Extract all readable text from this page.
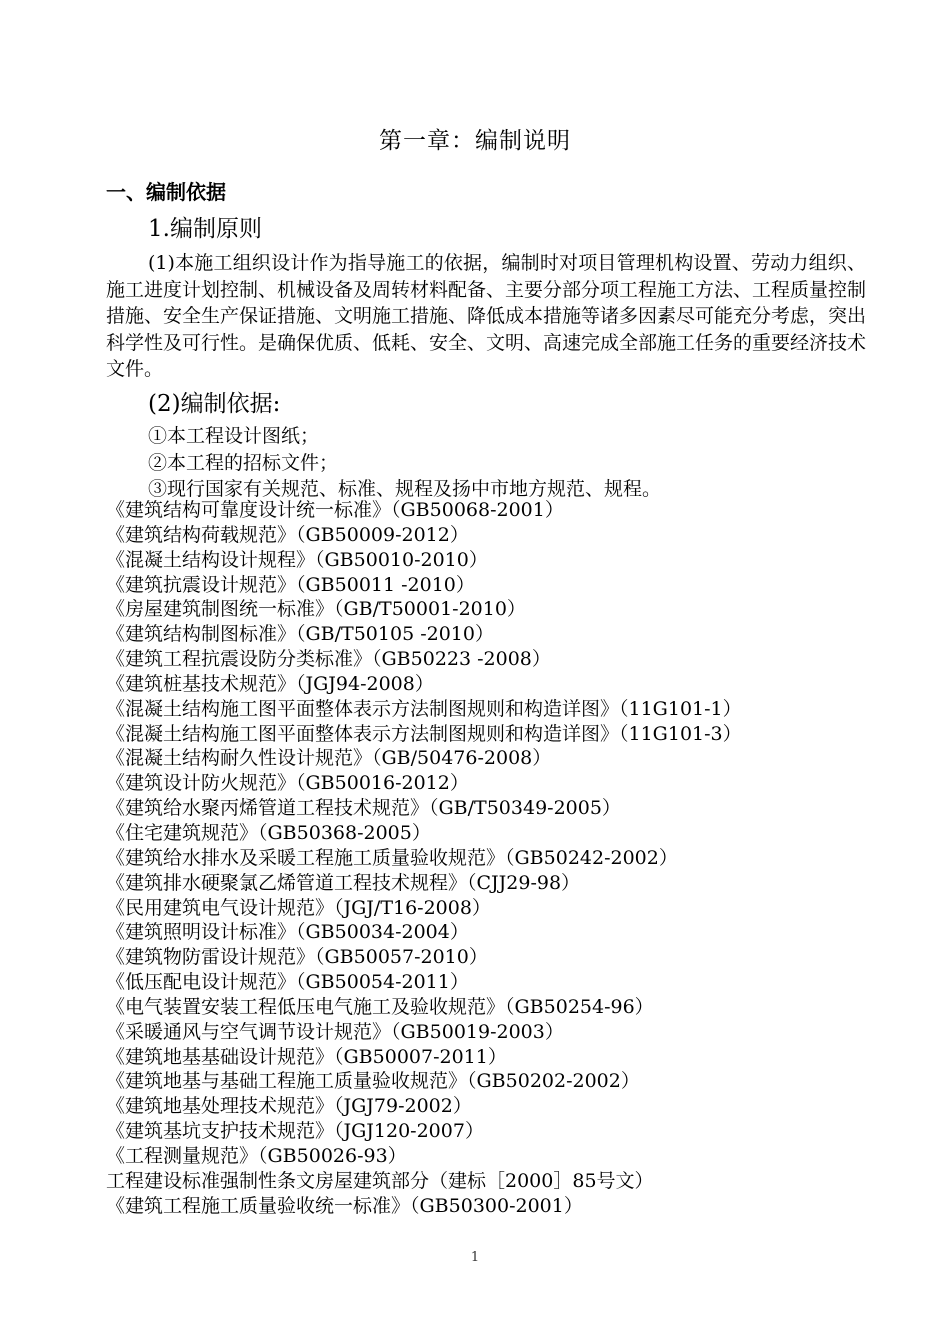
第一章：编制说明
一、编制依据
1.编制原则

(1)本施工组织设计作为指导施工的依据，编制时对项目管理机构设置、劳动力组织、施工进度计划控制、机械设备及周转材料配备、主要分部分项工程施工方法、工程质量控制措施、安全生产保证措施、文明施工措施、降低成本措施等诸多因素尽可能充分考虑，突出科学性及可行性。是确保优质、低耗、安全、文明、高速完成全部施工任务的重要经济技术文件。

(2)编制依据:
①本工程设计图纸；
②本工程的招标文件；
③现行国家有关规范、标准、规程及扬中市地方规范、规程。
《建筑结构可靠度设计统一标准》（GB50068-2001）
《建筑结构荷载规范》（GB50009-2012）
《混凝土结构设计规程》（GB50010-2010）
《建筑抗震设计规范》（GB50011 -2010）
《房屋建筑制图统一标准》（GB/T50001-2010）
《建筑结构制图标准》（GB/T50105 -2010）
《建筑工程抗震设防分类标准》（GB50223 -2008）
《建筑桩基技术规范》（JGJ94-2008）
《混凝土结构施工图平面整体表示方法制图规则和构造详图》（11G101-1）
《混凝土结构施工图平面整体表示方法制图规则和构造详图》（11G101-3）
《混凝土结构耐久性设计规范》（GB/50476-2008）
《建筑设计防火规范》（GB50016-2012）
《建筑给水聚丙烯管道工程技术规范》（GB/T50349-2005）
《住宅建筑规范》（GB50368-2005）
《建筑给水排水及采暖工程施工质量验收规范》（GB50242-2002）
《建筑排水硬聚氯乙烯管道工程技术规程》（CJJ29-98）
《民用建筑电气设计规范》（JGJ/T16-2008）
《建筑照明设计标准》（GB50034-2004）
《建筑物防雷设计规范》（GB50057-2010）
《低压配电设计规范》（GB50054-2011）
《电气装置安装工程低压电气施工及验收规范》（GB50254-96）
《采暖通风与空气调节设计规范》（GB50019-2003）
《建筑地基基础设计规范》（GB50007-2011）
《建筑地基与基础工程施工质量验收规范》（GB50202-2002）
《建筑地基处理技术规范》（JGJ79-2002）
《建筑基坑支护技术规范》（JGJ120-2007）
《工程测量规范》（GB50026-93）
工程建设标准强制性条文房屋建筑部分（建标［2000］85号文）
《建筑工程施工质量验收统一标准》（GB50300-2001）
1
